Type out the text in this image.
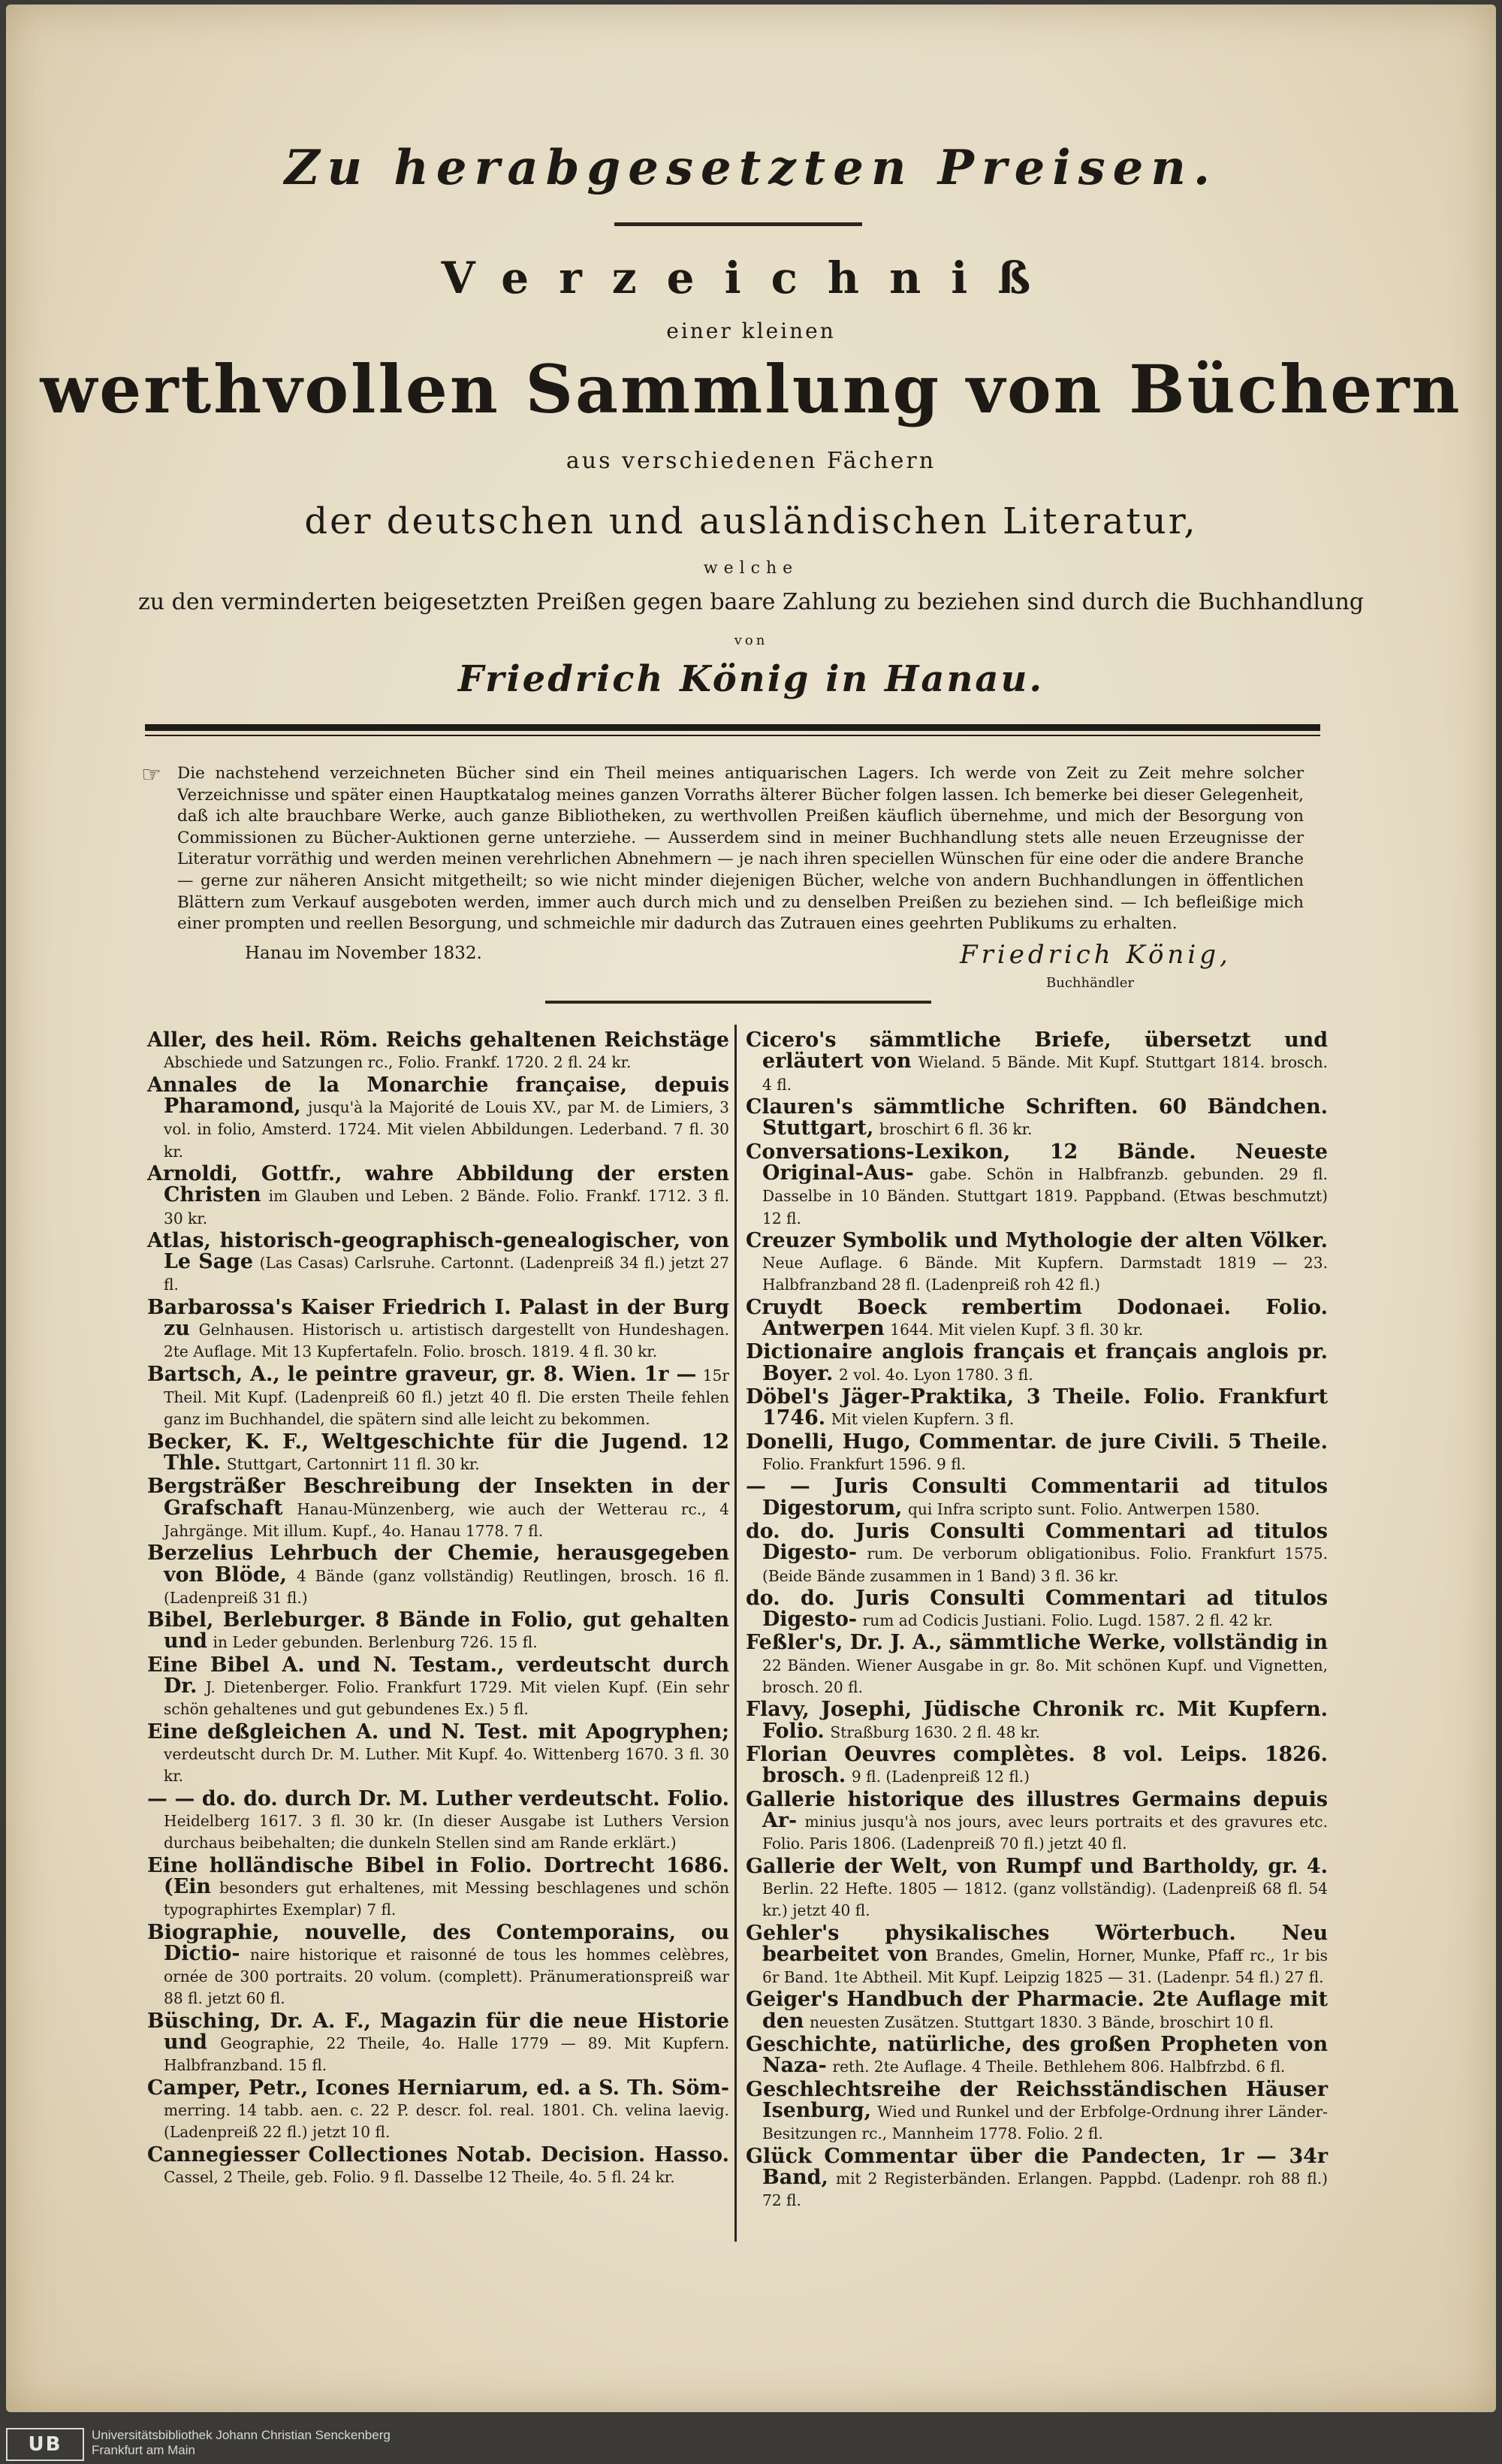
Zu herabgesetzten Preisen.
Verzeichniß
einer kleinen
werthvollen Sammlung von Büchern
aus verschiedenen Fächern
der deutschen und ausländischen Literatur,
welche
zu den verminderten beigesetzten Preißen gegen baare Zahlung zu beziehen sind durch die Buchhandlung
von
Friedrich König in Hanau.
☞ Die nachstehend verzeichneten Bücher sind ein Theil meines antiquarischen Lagers. Ich werde von Zeit zu Zeit mehre solcher Verzeichnisse und später einen Hauptkatalog meines ganzen Vorraths älterer Bücher folgen lassen. Ich bemerke bei dieser Gelegenheit, daß ich alte brauchbare Werke, auch ganze Bibliotheken, zu werthvollen Preißen käuflich übernehme, und mich der Besorgung von Commissionen zu Bücher-Auktionen gerne unterziehe. — Ausserdem sind in meiner Buchhandlung stets alle neuen Erzeugnisse der Literatur vorräthig und werden meinen verehrlichen Abnehmern — je nach ihren speciellen Wünschen für eine oder die andere Branche — gerne zur näheren Ansicht mitgetheilt; so wie nicht minder diejenigen Bücher, welche von andern Buchhandlungen in öffentlichen Blättern zum Verkauf ausgeboten werden, immer auch durch mich und zu denselben Preißen zu beziehen sind. — Ich befleißige mich einer prompten und reellen Besorgung, und schmeichle mir dadurch das Zutrauen eines geehrten Publikums zu erhalten.
Hanau im November 1832.	Friedrich König,
Buchhändler
Aller, des heil. Röm. Reichs gehaltenen Reichstäge Abschiede und Satzungen rc., Folio. Frankf. 1720. 2 fl. 24 kr.
Annales de la Monarchie française, depuis Pharamond, jusqu'à la Majorité de Louis XV., par M. de Limiers, 3 vol. in folio, Amsterd. 1724. Mit vielen Abbildungen. Lederband. 7 fl. 30 kr.
Arnoldi, Gottfr., wahre Abbildung der ersten Christen im Glauben und Leben. 2 Bände. Folio. Frankf. 1712. 3 fl. 30 kr.
Atlas, historisch-geographisch-genealogischer, von Le Sage (Las Casas) Carlsruhe. Cartonnt. (Ladenpreiß 34 fl.) jetzt 27 fl.
Barbarossa's Kaiser Friedrich I. Palast in der Burg zu Gelnhausen. Historisch u. artistisch dargestellt von Hundeshagen. 2te Auflage. Mit 13 Kupfertafeln. Folio. brosch. 1819. 4 fl. 30 kr.
Bartsch, A., le peintre graveur, gr. 8. Wien. 1r — 15r Theil. Mit Kupf. (Ladenpreiß 60 fl.) jetzt 40 fl. Die ersten Theile fehlen ganz im Buchhandel, die spätern sind alle leicht zu bekommen.
Becker, K. F., Weltgeschichte für die Jugend. 12 Thle. Stuttgart, Cartonnirt 11 fl. 30 kr.
Bergsträßer Beschreibung der Insekten in der Grafschaft Hanau-Münzenberg, wie auch der Wetterau rc., 4 Jahrgänge. Mit illum. Kupf., 4o. Hanau 1778. 7 fl.
Berzelius Lehrbuch der Chemie, herausgegeben von Blöde, 4 Bände (ganz vollständig) Reutlingen, brosch. 16 fl. (Ladenpreiß 31 fl.)
Bibel, Berleburger. 8 Bände in Folio, gut gehalten und in Leder gebunden. Berlenburg 726. 15 fl.
Eine Bibel A. und N. Testam., verdeutscht durch Dr. J. Dietenberger. Folio. Frankfurt 1729. Mit vielen Kupf. (Ein sehr schön gehaltenes und gut gebundenes Ex.) 5 fl.
Eine deßgleichen A. und N. Test. mit Apogryphen; verdeutscht durch Dr. M. Luther. Mit Kupf. 4o. Wittenberg 1670. 3 fl. 30 kr.
— — do. do. durch Dr. M. Luther verdeutscht. Folio. Heidelberg 1617. 3 fl. 30 kr. (In dieser Ausgabe ist Luthers Version durchaus beibehalten; die dunkeln Stellen sind am Rande erklärt.)
Eine holländische Bibel in Folio. Dortrecht 1686. (Ein besonders gut erhaltenes, mit Messing beschlagenes und schön typographirtes Exemplar) 7 fl.
Biographie, nouvelle, des Contemporains, ou Dictio- naire historique et raisonné de tous les hommes celèbres, ornée de 300 portraits. 20 volum. (complett). Pränumerationspreiß war 88 fl. jetzt 60 fl.
Büsching, Dr. A. F., Magazin für die neue Historie und Geographie, 22 Theile, 4o. Halle 1779 — 89. Mit Kupfern. Halbfranzband. 15 fl.
Camper, Petr., Icones Herniarum, ed. a S. Th. Söm- merring. 14 tabb. aen. c. 22 P. descr. fol. real. 1801. Ch. velina laevig. (Ladenpreiß 22 fl.) jetzt 10 fl.
Cannegiesser Collectiones Notab. Decision. Hasso. Cassel, 2 Theile, geb. Folio. 9 fl. Dasselbe 12 Theile, 4o. 5 fl. 24 kr.
Cicero's sämmtliche Briefe, übersetzt und erläutert von Wieland. 5 Bände. Mit Kupf. Stuttgart 1814. brosch. 4 fl.
Clauren's sämmtliche Schriften. 60 Bändchen. Stuttgart, broschirt 6 fl. 36 kr.
Conversations-Lexikon, 12 Bände. Neueste Original-Aus- gabe. Schön in Halbfranzb. gebunden. 29 fl. Dasselbe in 10 Bänden. Stuttgart 1819. Pappband. (Etwas beschmutzt) 12 fl.
Creuzer Symbolik und Mythologie der alten Völker. Neue Auflage. 6 Bände. Mit Kupfern. Darmstadt 1819 — 23. Halbfranzband 28 fl. (Ladenpreiß roh 42 fl.)
Cruydt Boeck rembertim Dodonaei. Folio. Antwerpen 1644. Mit vielen Kupf. 3 fl. 30 kr.
Dictionaire anglois français et français anglois pr. Boyer. 2 vol. 4o. Lyon 1780. 3 fl.
Döbel's Jäger-Praktika, 3 Theile. Folio. Frankfurt 1746. Mit vielen Kupfern. 3 fl.
Donelli, Hugo, Commentar. de jure Civili. 5 Theile. Folio. Frankfurt 1596. 9 fl.
— — Juris Consulti Commentarii ad titulos Digestorum, qui Infra scripto sunt. Folio. Antwerpen 1580.
do. do. Juris Consulti Commentari ad titulos Digesto- rum. De verborum obligationibus. Folio. Frankfurt 1575. (Beide Bände zusammen in 1 Band) 3 fl. 36 kr.
do. do. Juris Consulti Commentari ad titulos Digesto- rum ad Codicis Justiani. Folio. Lugd. 1587. 2 fl. 42 kr.
Feßler's, Dr. J. A., sämmtliche Werke, vollständig in 22 Bänden. Wiener Ausgabe in gr. 8o. Mit schönen Kupf. und Vignetten, brosch. 20 fl.
Flavy, Josephi, Jüdische Chronik rc. Mit Kupfern. Folio. Straßburg 1630. 2 fl. 48 kr.
Florian Oeuvres complètes. 8 vol. Leips. 1826. brosch. 9 fl. (Ladenpreiß 12 fl.)
Gallerie historique des illustres Germains depuis Ar- minius jusqu'à nos jours, avec leurs portraits et des gravures etc. Folio. Paris 1806. (Ladenpreiß 70 fl.) jetzt 40 fl.
Gallerie der Welt, von Rumpf und Bartholdy, gr. 4. Berlin. 22 Hefte. 1805 — 1812. (ganz vollständig). (Ladenpreiß 68 fl. 54 kr.) jetzt 40 fl.
Gehler's physikalisches Wörterbuch. Neu bearbeitet von Brandes, Gmelin, Horner, Munke, Pfaff rc., 1r bis 6r Band. 1te Abtheil. Mit Kupf. Leipzig 1825 — 31. (Ladenpr. 54 fl.) 27 fl.
Geiger's Handbuch der Pharmacie. 2te Auflage mit den neuesten Zusätzen. Stuttgart 1830. 3 Bände, broschirt 10 fl.
Geschichte, natürliche, des großen Propheten von Naza- reth. 2te Auflage. 4 Theile. Bethlehem 806. Halbfrzbd. 6 fl.
Geschlechtsreihe der Reichsständischen Häuser Isenburg, Wied und Runkel und der Erbfolge-Ordnung ihrer Länder-Besitzungen rc., Mannheim 1778. Folio. 2 fl.
Glück Commentar über die Pandecten, 1r — 34r Band, mit 2 Registerbänden. Erlangen. Pappbd. (Ladenpr. roh 88 fl.) 72 fl.
UB	Universitätsbibliothek Johann Christian Senckenberg
Frankfurt am Main
